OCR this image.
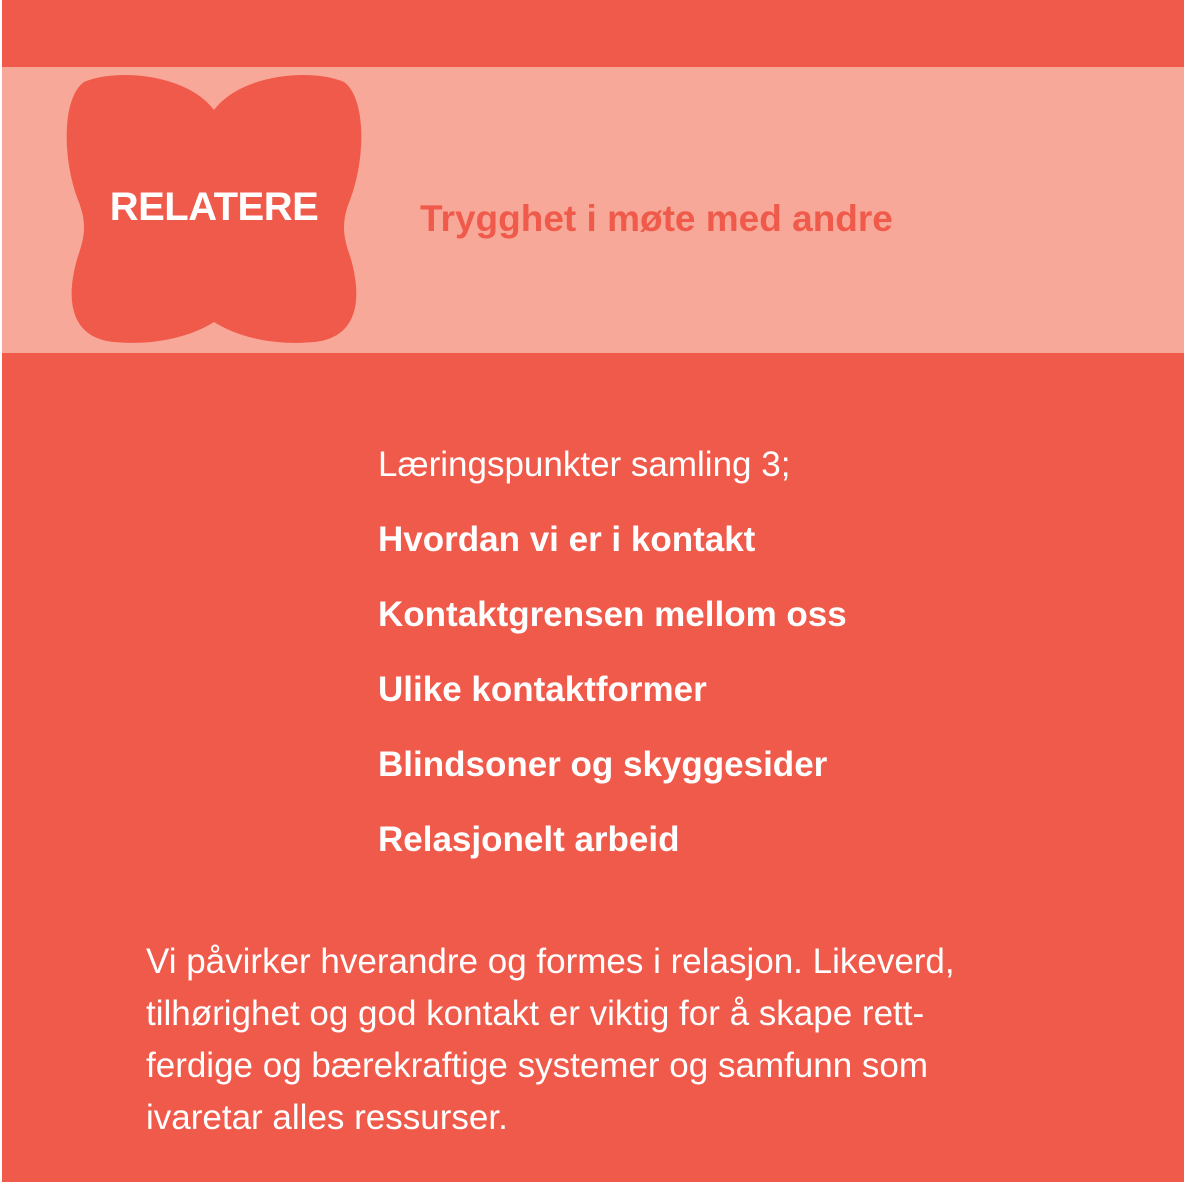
RELATERE	Trygghet i møte med andre
Læringspunkter samling 3;
Hvordan vi er i kontakt
Kontaktgrensen mellom oss
Ulike kontaktformer
Blindsoner og skyggesider
Relasjonelt arbeid
Vi påvirker hverandre og formes i relasjon. Likeverd,
tilhørighet og god kontakt er viktig for å skape rett-
ferdige og bærekraftige systemer og samfunn som
ivaretar alles ressurser.
